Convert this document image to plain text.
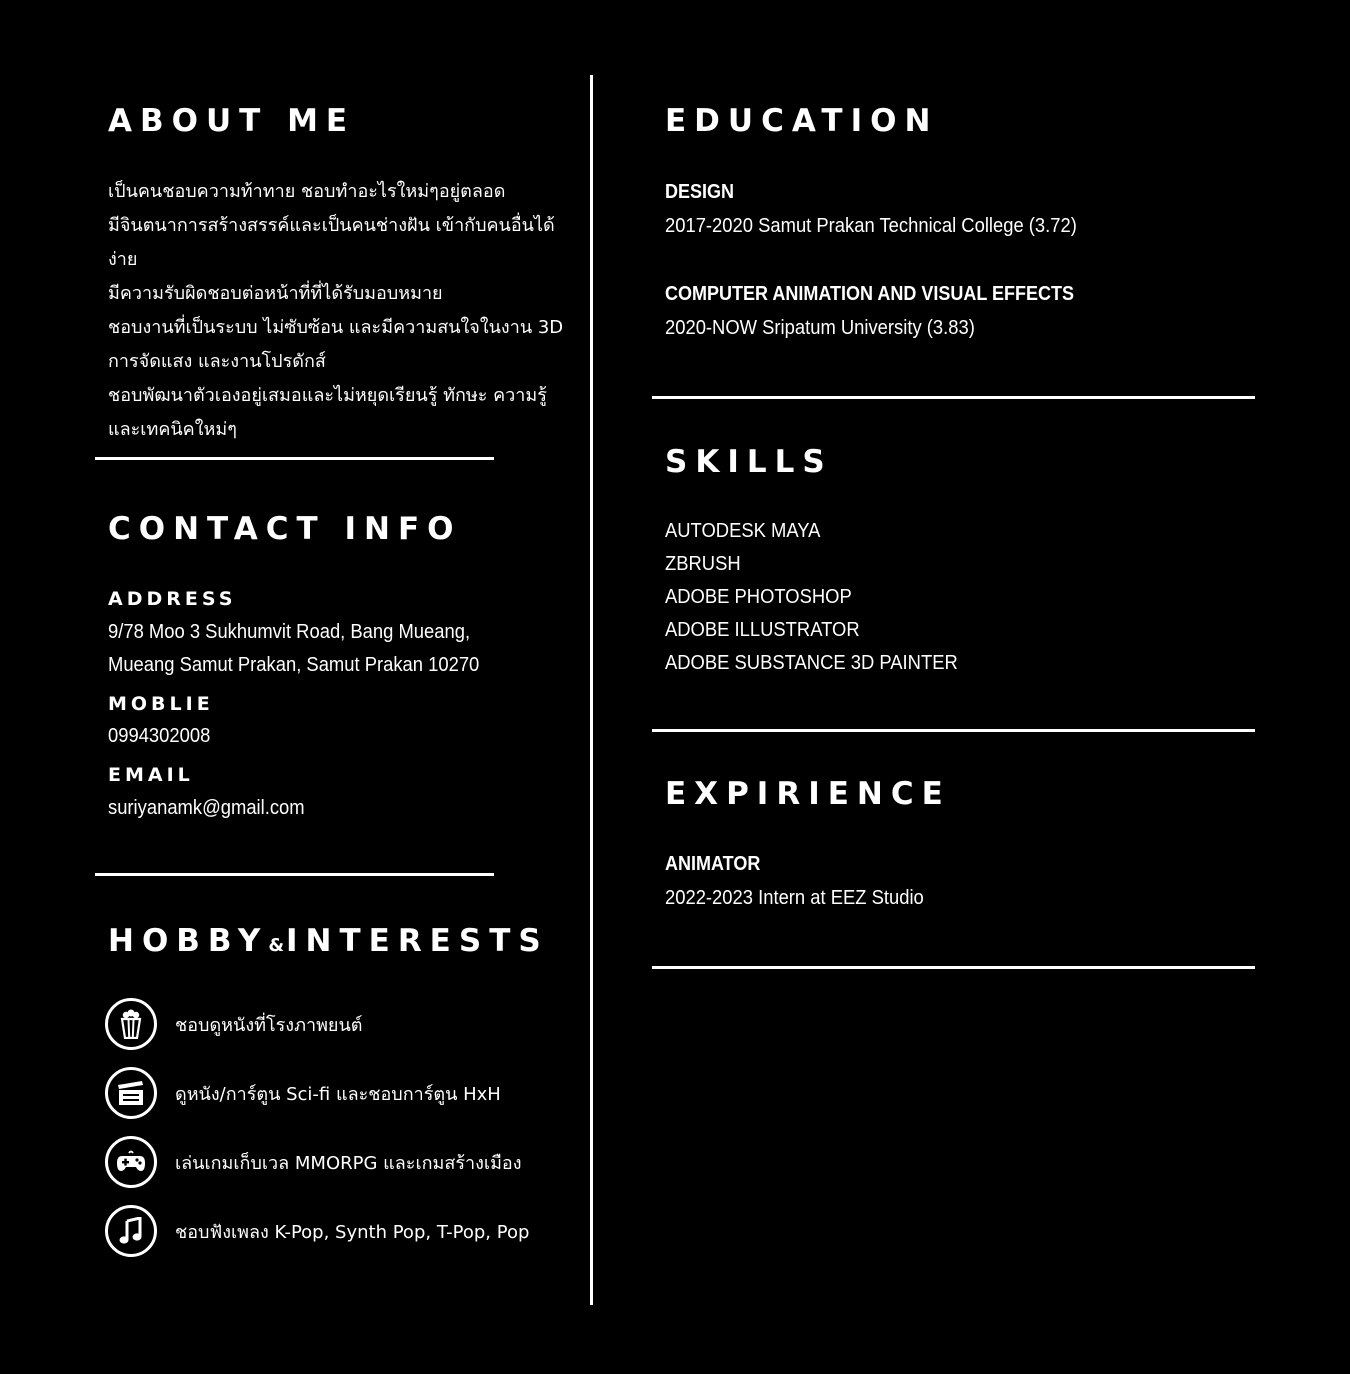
ABOUT ME
เป็นคนชอบความท้าทาย ชอบทำอะไรใหม่ๆอยู่ตลอด
มีจินตนาการสร้างสรรค์และเป็นคนช่างฝัน เข้ากับคนอื่นได้ง่าย
มีความรับผิดชอบต่อหน้าที่ที่ได้รับมอบหมาย
ชอบงานที่เป็นระบบ ไม่ซับซ้อน และมีความสนใจในงาน 3D
การจัดแสง และงานโปรดักส์
ชอบพัฒนาตัวเองอยู่เสมอและไม่หยุดเรียนรู้ ทักษะ ความรู้
และเทคนิคใหม่ๆ
CONTACT INFO
ADDRESS
9/78 Moo 3 Sukhumvit Road, Bang Mueang,
Mueang Samut Prakan, Samut Prakan 10270
MOBLIE
0994302008
EMAIL
suriyanamk@gmail.com
HOBBY&INTERESTS
ชอบดูหนังที่โรงภาพยนต์
ดูหนัง/การ์ตูน Sci-fi และชอบการ์ตูน HxH
เล่นเกมเก็บเวล MMORPG และเกมสร้างเมือง
ชอบฟังเพลง K-Pop, Synth Pop, T-Pop, Pop
EDUCATION
DESIGN
2017-2020 Samut Prakan Technical College (3.72)
COMPUTER ANIMATION AND VISUAL EFFECTS
2020-NOW Sripatum University (3.83)
SKILLS
AUTODESK MAYA
ZBRUSH
ADOBE PHOTOSHOP
ADOBE ILLUSTRATOR
ADOBE SUBSTANCE 3D PAINTER
EXPIRIENCE
ANIMATOR
2022-2023 Intern at EEZ Studio
